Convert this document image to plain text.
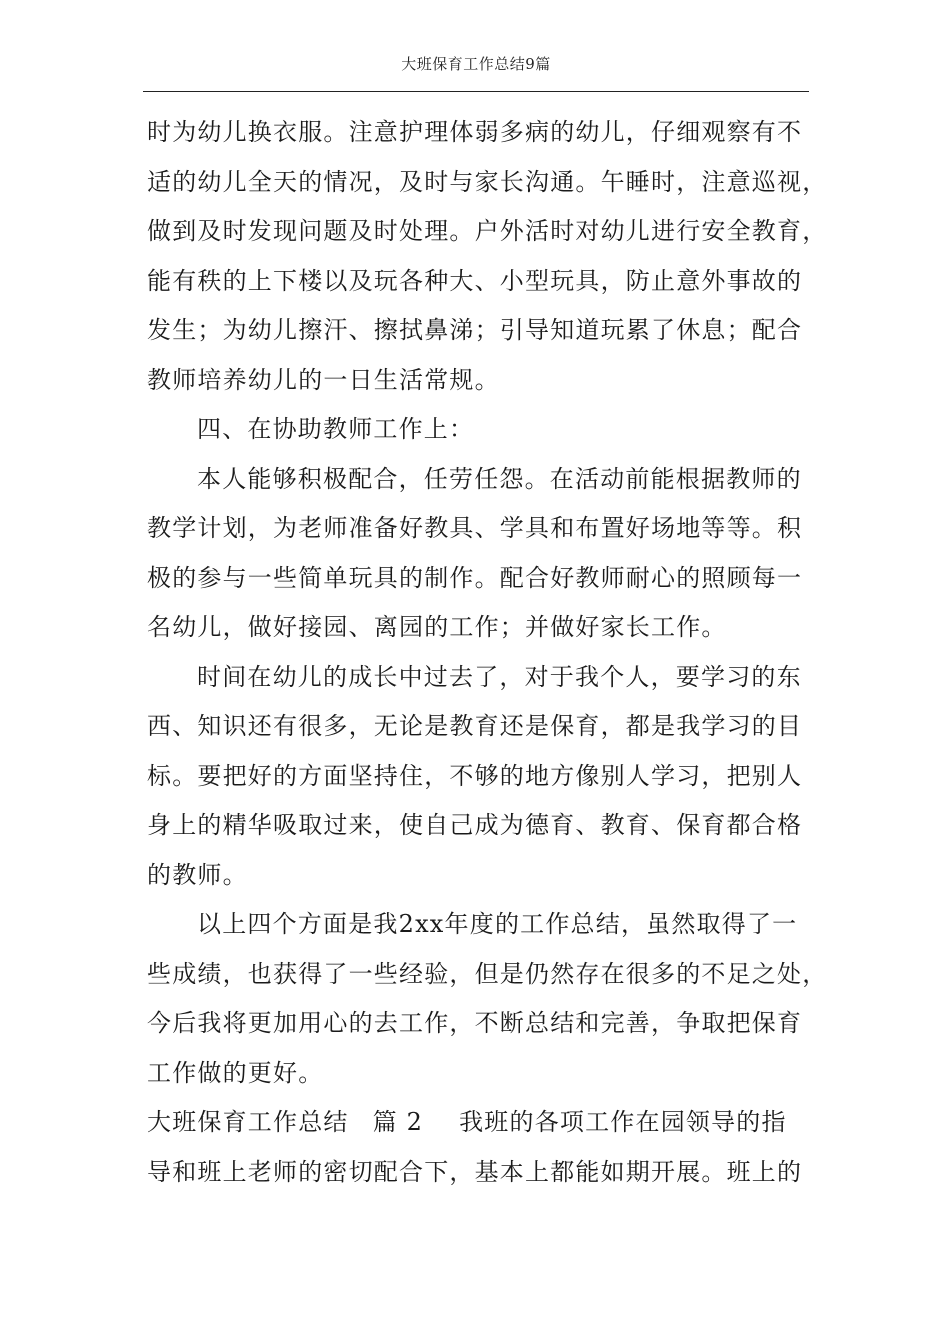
大班保育工作总结9篇
时为幼儿换衣服。注意护理体弱多病的幼儿，仔细观察有不
适的幼儿全天的情况，及时与家长沟通。午睡时，注意巡视，
做到及时发现问题及时处理。户外活时对幼儿进行安全教育，
能有秩的上下楼以及玩各种大、小型玩具，防止意外事故的
发生；为幼儿擦汗、擦拭鼻涕；引导知道玩累了休息；配合
教师培养幼儿的一日生活常规。
四、在协助教师工作上：
本人能够积极配合，任劳任怨。在活动前能根据教师的
教学计划，为老师准备好教具、学具和布置好场地等等。积
极的参与一些简单玩具的制作。配合好教师耐心的照顾每一
名幼儿，做好接园、离园的工作；并做好家长工作。
时间在幼儿的成长中过去了，对于我个人，要学习的东
西、知识还有很多，无论是教育还是保育，都是我学习的目
标。要把好的方面坚持住，不够的地方像别人学习，把别人
身上的精华吸取过来，使自己成为德育、教育、保育都合格
的教师。
以上四个方面是我2xx年度的工作总结，虽然取得了一
些成绩，也获得了一些经验，但是仍然存在很多的不足之处，
今后我将更加用心的去工作，不断总结和完善，争取把保育
工作做的更好。
大班保育工作总结 篇 2 我班的各项工作在园领导的指
导和班上老师的密切配合下，基本上都能如期开展。班上的
